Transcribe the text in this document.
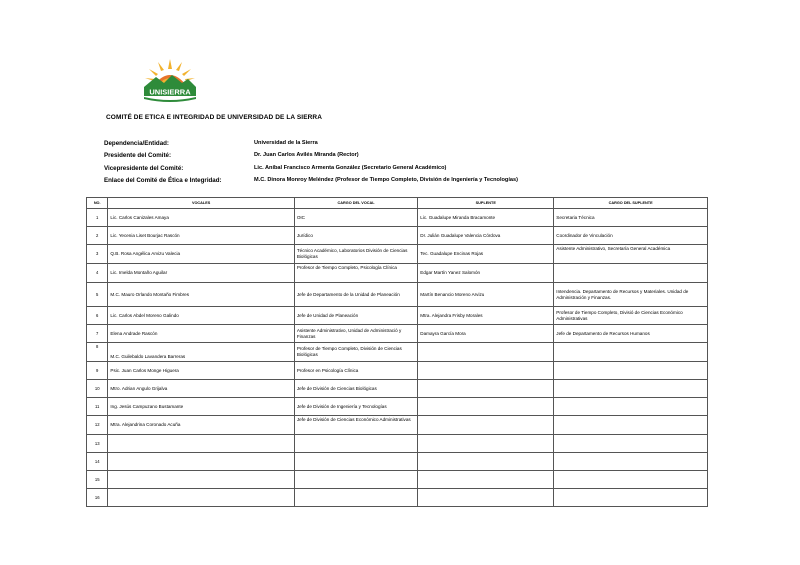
UNISIERRA
COMITÉ DE ETICA E INTEGRIDAD DE UNIVERSIDAD DE LA SIERRA
Dependencia/Entidad:	Universidad de la Sierra
Presidente del Comité:	Dr. Juan Carlos Avilés Miranda (Rector)
Vicepresidente del Comité:	Lic. Aníbal Francisco Armenta González (Secretario General Académico)
Enlace del Comité de Ética e Integridad:	M.C. Dinora Monroy Meléndez (Profesor de Tiempo Completo, División de Ingeniería y Tecnologías)
NO.	VOCALES	CARGO DEL VOCAL	SUPLENTE	CARGO DEL SUPLENTE
1	Lic. Carlos Canizales Amaya	OIC	Lic. Guadalupe Miranda Bracamonte	Secretaria Técnica
2	Lic. Yecenia Liset Bourjac Rascón	Jurídico	Dr. Julián Guadalupe Valencia Córdova	Coordinador de Vinculación
3	Q.B. Rosa Angélica Arvizu Valecia	Técnico Académico, Laboratorios División de Ciencias Biológicas	Tec. Guadalupe Encinas Rojas	Asistente Administrativo, Secretaría General Académica
4	Lic. Imelda Montaño Aguilar	Profesor de Tiempo Completo, Psicología Clínica	Edgar Martín Yanez Salomón	
5	M.C. Mauro Orlando Montaño Fimbres	Jefe de Departamento de la Unidad de Planeación	Martín Benancio Moreno Arvizu	Intendencia. Departamento de Recursos y Materiales. Unidad de Administración y Finanzas.
6	Lic. Carlos Abdel Moreno Galindo	Jefe de Unidad de Planeación	Mtra. Alejandra Frisby Morales	Profesor de Tiempo Completo, Divisió de Ciencias Económico Administrativas
7	Elena Andrade Rascón	Asistente Administrativo, Unidad de Administració y Finanzas	Damayra García Mora	Jefe de Departamento de Recursos Humanos
8	M.C. Guilebaldo Lavandera Barreras	Profesor de Tiempo Completo, División de Ciencias Biológicas		
9	Psic. Juan Carlos Monge Higuera	Profesor en Psicología Clínica		
10	Mtro. Adrian Angulo Grijalva	Jefe de División de Ciencias Biológicas		
11	Ing. Jesús Campuzano Bustamante	Jefe de División de Ingeniería y Tecnologías		
12	Mtra. Alejandrina Coronado Acuña	Jefe de División de Ciencias Económico Administrativas		
13				
14				
15				
16				
